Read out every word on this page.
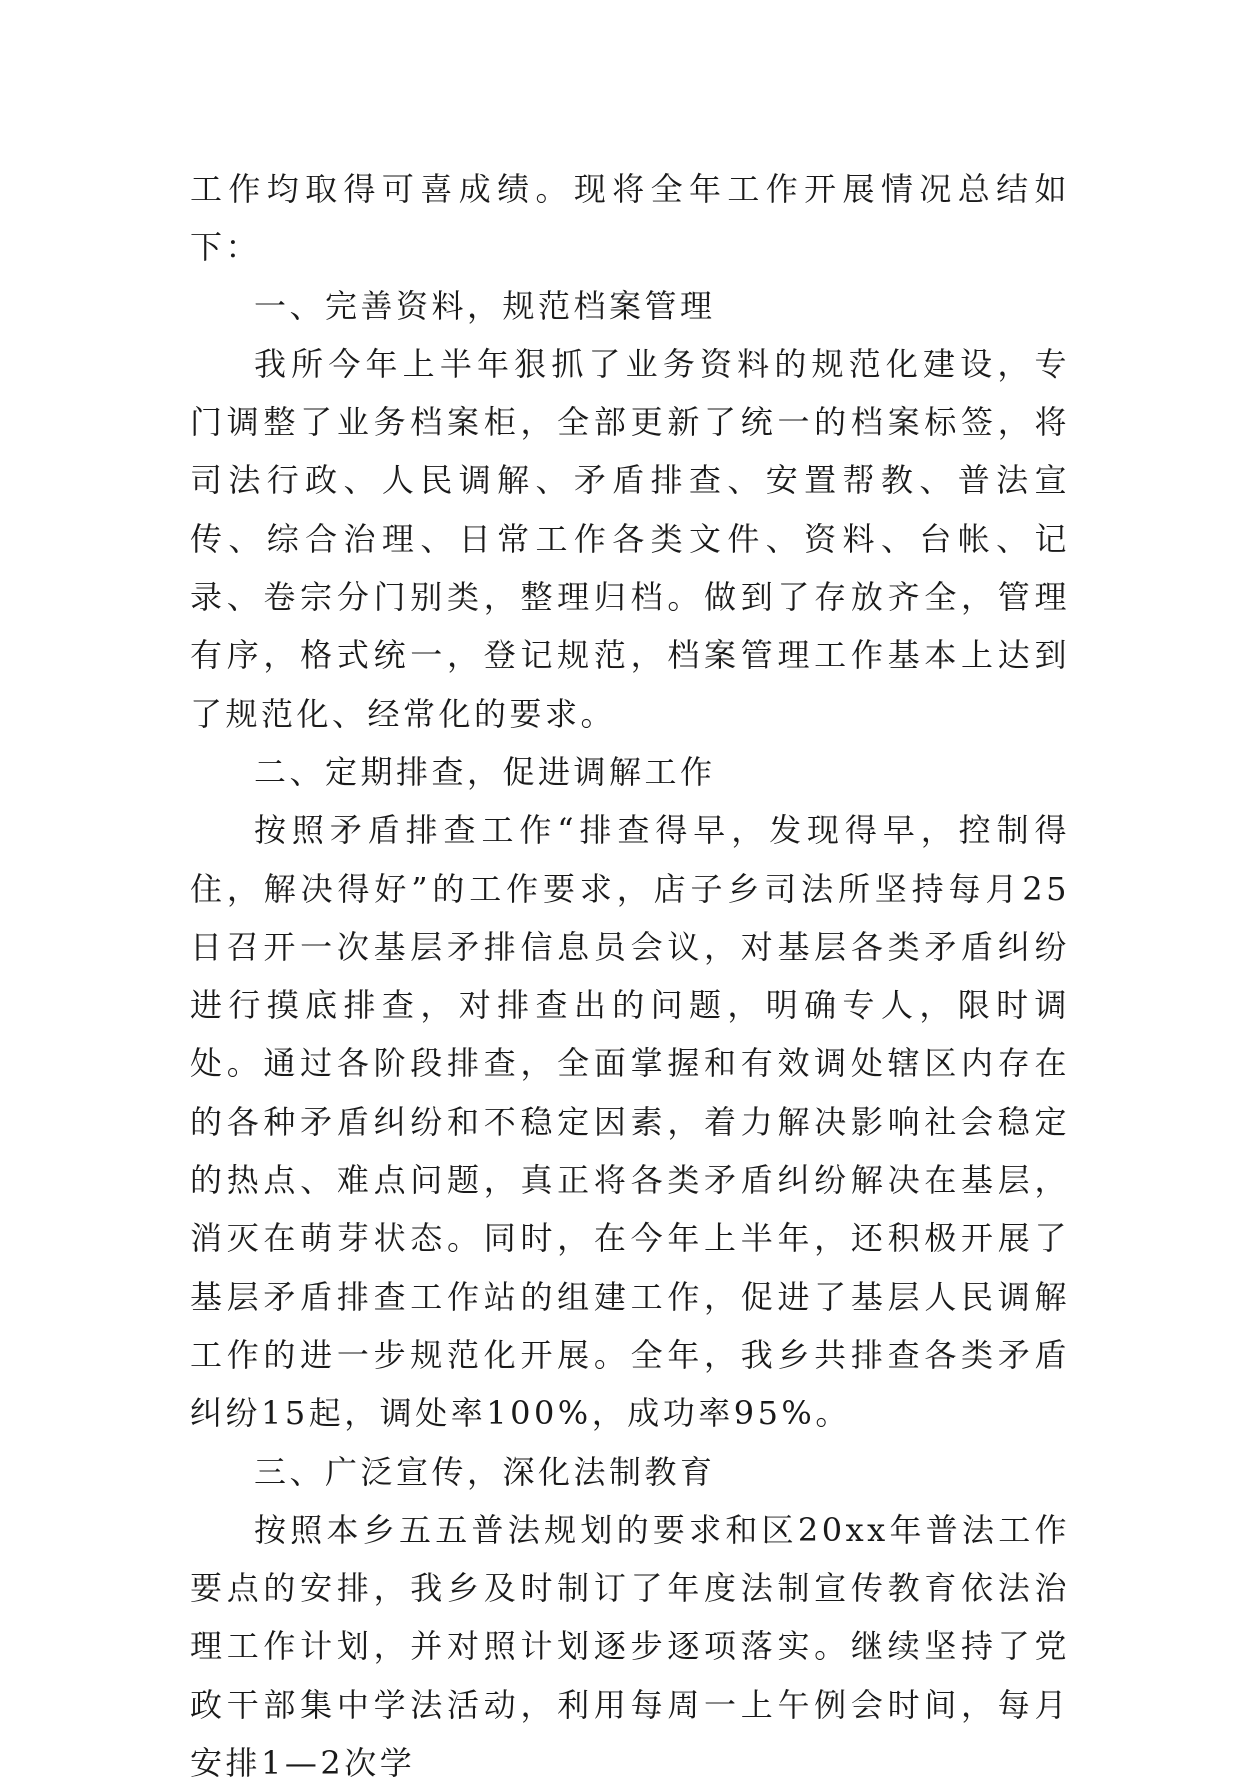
工作均取得可喜成绩。现将全年工作开展情况总结如下：

一、完善资料，规范档案管理

我所今年上半年狠抓了业务资料的规范化建设，专门调整了业务档案柜，全部更新了统一的档案标签，将司法行政、人民调解、矛盾排查、安置帮教、普法宣传、综合治理、日常工作各类文件、资料、台帐、记录、卷宗分门别类，整理归档。做到了存放齐全，管理有序，格式统一，登记规范，档案管理工作基本上达到了规范化、经常化的要求。

二、定期排查，促进调解工作

按照矛盾排查工作“排查得早，发现得早，控制得住，解决得好”的工作要求，店子乡司法所坚持每月25日召开一次基层矛排信息员会议，对基层各类矛盾纠纷进行摸底排查，对排查出的问题，明确专人，限时调处。通过各阶段排查，全面掌握和有效调处辖区内存在的各种矛盾纠纷和不稳定因素，着力解决影响社会稳定的热点、难点问题，真正将各类矛盾纠纷解决在基层，消灭在萌芽状态。同时，在今年上半年，还积极开展了基层矛盾排查工作站的组建工作，促进了基层人民调解工作的进一步规范化开展。全年，我乡共排查各类矛盾纠纷15起，调处率100%，成功率95%。

三、广泛宣传，深化法制教育

按照本乡五五普法规划的要求和区20xx年普法工作要点的安排，我乡及时制订了年度法制宣传教育依法治理工作计划，并对照计划逐步逐项落实。继续坚持了党政干部集中学法活动，利用每周一上午例会时间，每月安排1—2次学
